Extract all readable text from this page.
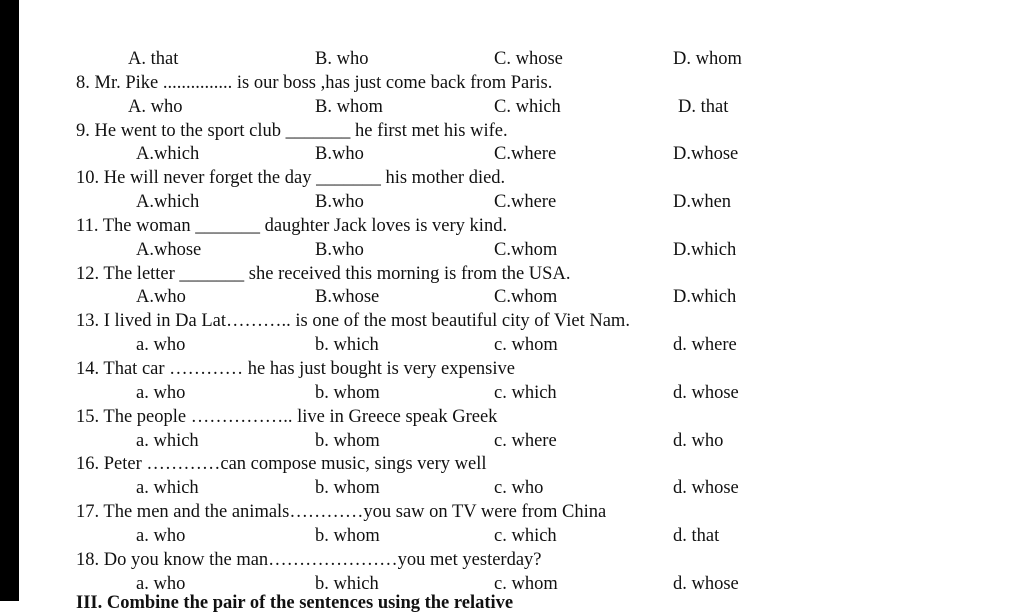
A. that	B. who	C. whose	D. whom
8. Mr. Pike ............... is our boss ,has just come back from Paris.
A. who	B. whom	C. which	D. that
9. He went to the sport club _______ he first met his wife.
A.which	B.who	C.where	D.whose
10. He will never forget the day _______ his mother died.
A.which	B.who	C.where	D.when
11. The woman _______ daughter Jack loves is very kind.
A.whose	B.who	C.whom	D.which
12. The letter _______ she received this morning is from the USA.
A.who	B.whose	C.whom	D.which
13. I lived in Da Lat……….. is one of the most beautiful city of Viet Nam.
a. who	b. which	c. whom	d. where
14. That car ………… he has just bought is very expensive
a. who	b. whom	c. which	d. whose
15. The people …………….. live in Greece speak Greek
a. which	b. whom	c. where	d. who
16. Peter …………can compose music, sings very well
a. which	b. whom	c. who	d. whose
17. The men and the animals…………you saw on TV were from China
a. who	b. whom	c. which	d. that
18. Do you know the man…………………you met yesterday?
a. who	b. which	c. whom	d. whose
III. Combine the pair of the sentences using the relative
